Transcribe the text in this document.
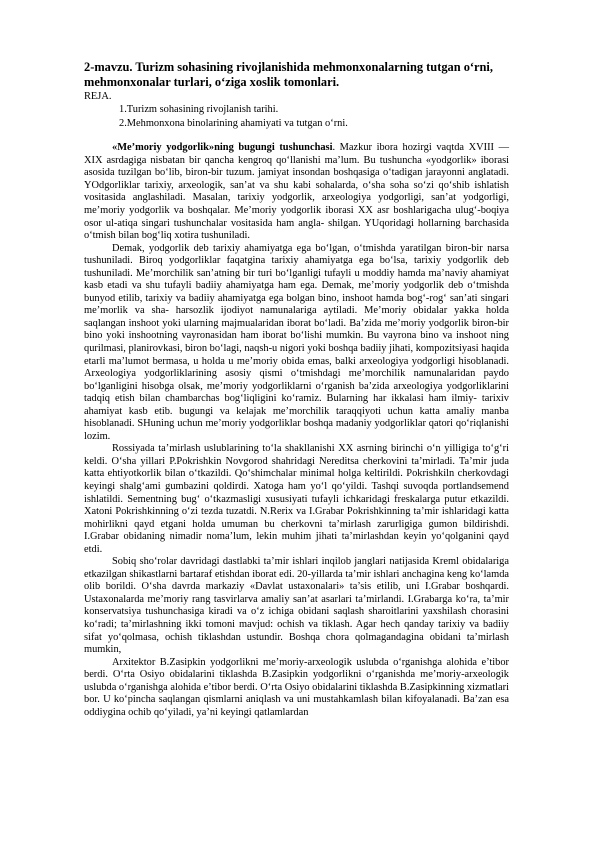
2-mavzu. Turizm sohasining rivojlanishida mehmonxonalarning tutgan o‘rni, mehmonxonalar turlari, o‘ziga xoslik tomonlari.

REJA.

1.Turizm sohasining rivojlanish tarihi.
2.Mehmonxona binolarining ahamiyati va tutgan o‘rni.

«Me’moriy yodgorlik»ning bugungi tushunchasi. Mazkur ibora hozirgi vaqtda XVIII — XIX asrdagiga nisbatan bir qancha kengroq qo‘llanishi ma’lum. Bu tushuncha «yodgorlik» iborasi asosida tuzilgan bo‘lib, biron-bir tuzum. jamiyat insondan boshqasiga o‘tadigan jarayonni anglatadi. YOdgorliklar tarixiy, arxeologik, san’at va shu kabi sohalarda, o‘sha soha so‘zi qo‘shib ishlatish vositasida anglashiladi. Masalan, tarixiy yodgorlik, arxeologiya yodgorligi, san’at yodgorligi, me’moriy yodgorlik va boshqalar. Me’moriy yodgorlik iborasi XX asr boshlarigacha ulug‘-boqiya osor ul-atiqa singari tushunchalar vositasida ham angla- shilgan. YUqoridagi hollarning barchasida o‘tmish bilan bog‘liq xotira tushuniladi.

Demak, yodgorlik deb tarixiy ahamiyatga ega bo‘lgan, o‘tmishda yaratilgan biron-bir narsa tushuniladi. Biroq yodgorliklar faqatgina tarixiy ahamiyatga ega bo‘lsa, tarixiy yodgorlik deb tushuniladi. Me’morchilik san’atning bir turi bo‘lganligi tufayli u moddiy hamda ma’naviy ahamiyat kasb etadi va shu tufayli badiiy ahamiyatga ham ega. Demak, me’moriy yodgorlik deb o‘tmishda bunyod etilib, tarixiy va badiiy ahamiyatga ega bolgan bino, inshoot hamda bog‘-rog‘ san’ati singari me’morlik va sha- harsozlik ijodiyot namunalariga aytiladi. Me’moriy obidalar yakka holda saqlangan inshoot yoki ularning majmualaridan iborat bo‘ladi. Ba’zida me’moriy yodgorlik biron-bir bino yoki inshootning vayronasidan ham iborat bo‘lishi mumkin. Bu vayrona bino va inshoot ning qurilmasi, planirovkasi, biron bo‘lagi, naqsh-u nigori yoki boshqa badiiy jihati, kompozitsiyasi haqida etarli ma’lumot bermasa, u holda u me’moriy obida emas, balki arxeologiya yodgorligi hisoblanadi. Arxeologiya yodgorliklarining asosiy qismi o‘tmishdagi me’morchilik namunalaridan paydo bo‘lganligini hisobga olsak, me’moriy yodgorliklarni o‘rganish ba’zida arxeologiya yodgorliklarini tadqiq etish bilan chambarchas bog‘liqligini ko‘ramiz. Bularning har ikkalasi ham ilmiy- tarixiv ahamiyat kasb etib. bugungi va kelajak me’morchilik taraqqiyoti uchun katta amaliy manba hisoblanadi. SHuning uchun me’moriy yodgorliklar boshqa madaniy yodgorliklar qatori qo‘riqlanishi lozim.

Rossiyada ta’mirlash uslublarining to‘la shakllanishi XX asrning birinchi o‘n yilligiga to‘g‘ri keldi. O‘sha yillari P.Pokrishkin Novgorod shahridagi Nereditsa cherkovini ta’mirladi. Ta’mir juda katta ehtiyotkorlik bilan o‘tkazildi. Qo‘shimchalar minimal holga keltirildi. Pokrishkiln cherkovdagi keyingi shalg‘ami gumbazini qoldirdi. Xatoga ham yo‘l qo‘yildi. Tashqi suvoqda portlandsemend ishlatildi. Sementning bug‘ o‘tkazmasligi xususiyati tufayli ichkaridagi freskalarga putur etkazildi. Xatoni Pokrishkinning o‘zi tezda tuzatdi. N.Rerix va I.Grabar Pokrishkinning ta’mir ishlaridagi katta mohirlikni qayd etgani holda umuman bu cherkovni ta’mirlash zarurligiga gumon bildirishdi. I.Grabar obidaning nimadir noma’lum, lekin muhim jihati ta’mirlashdan keyin yo‘qolganini qayd etdi.

Sobiq sho‘rolar davridagi dastlabki ta’mir ishlari inqilob janglari natijasida Kreml obidalariga etkazilgan shikastlarni bartaraf etishdan iborat edi. 20-yillarda ta’mir ishlari anchagina keng ko‘lamda olib borildi. O‘sha davrda markaziy «Davlat ustaxonalari» ta’sis etilib, uni I.Grabar boshqardi. Ustaxonalarda me’moriy rang tasvirlarva amaliy san’at asarlari ta’mirlandi. I.Grabarga ko‘ra, ta’mir konservatsiya tushunchasiga kiradi va o‘z ichiga obidani saqlash sharoitlarini yaxshilash chorasini ko‘radi; ta’mirlashning ikki tomoni mavjud: ochish va tiklash. Agar hech qanday tarixiy va badiiy sifat yo‘qolmasa, ochish tiklashdan ustundir. Boshqa chora qolmagandagina obidani ta’mirlash mumkin,

Arxitektor B.Zasipkin yodgorlikni me’moriy-arxeologik uslubda o‘rganishga alohida e’tibor berdi. O‘rta Osiyo obidalarini tiklashda B.Zasipkin yodgorlikni o‘rganishda me’moriy-arxeologik uslubda o‘rganishga alohida e’tibor berdi. O‘rta Osiyo obidalarini tiklashda B.Zasipkinning xizmatlari bor. U ko‘pincha saqlangan qismlarni aniqlash va uni mustahkamlash bilan kifoyalanadi. Ba’zan esa oddiygina ochib qo‘yiladi, ya’ni keyingi qatlamlardan
